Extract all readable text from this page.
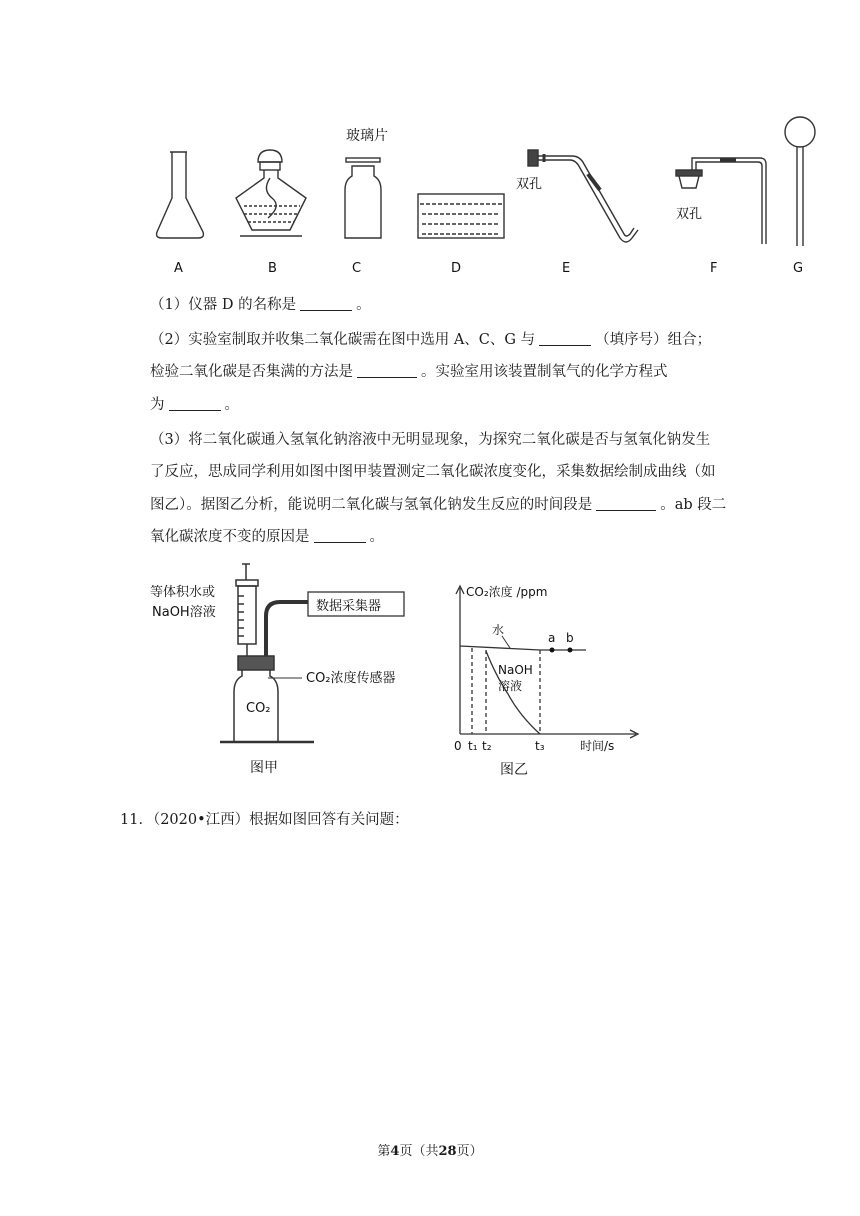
玻璃片
双孔
双孔
A	B	C	D	E	F	G
（1）仪器 D 的名称是	。
（2）实验室制取并收集二氧化碳需在图中选用 A、C、G 与	（填序号）组合；
检验二氧化碳是否集满的方法是	。实验室用该装置制氧气的化学方程式
为	。
（3）将二氧化碳通入氢氧化钠溶液中无明显现象，为探究二氧化碳是否与氢氧化钠发生
了反应，思成同学利用如图中图甲装置测定二氧化碳浓度变化，采集数据绘制成曲线（如
图乙）。据图乙分析，能说明二氧化碳与氢氧化钠发生反应的时间段是	。ab 段二
氧化碳浓度不变的原因是	。
等体积水或
NaOH溶液	数据采集器
CO₂浓度传感器
CO₂
图甲
CO₂浓度 /ppm
水
a b
NaOH
溶液
0 t₁ t₂	t₃	时间/s
图乙
11．（2020•江西）根据如图回答有关问题：
第4页（共28页）
